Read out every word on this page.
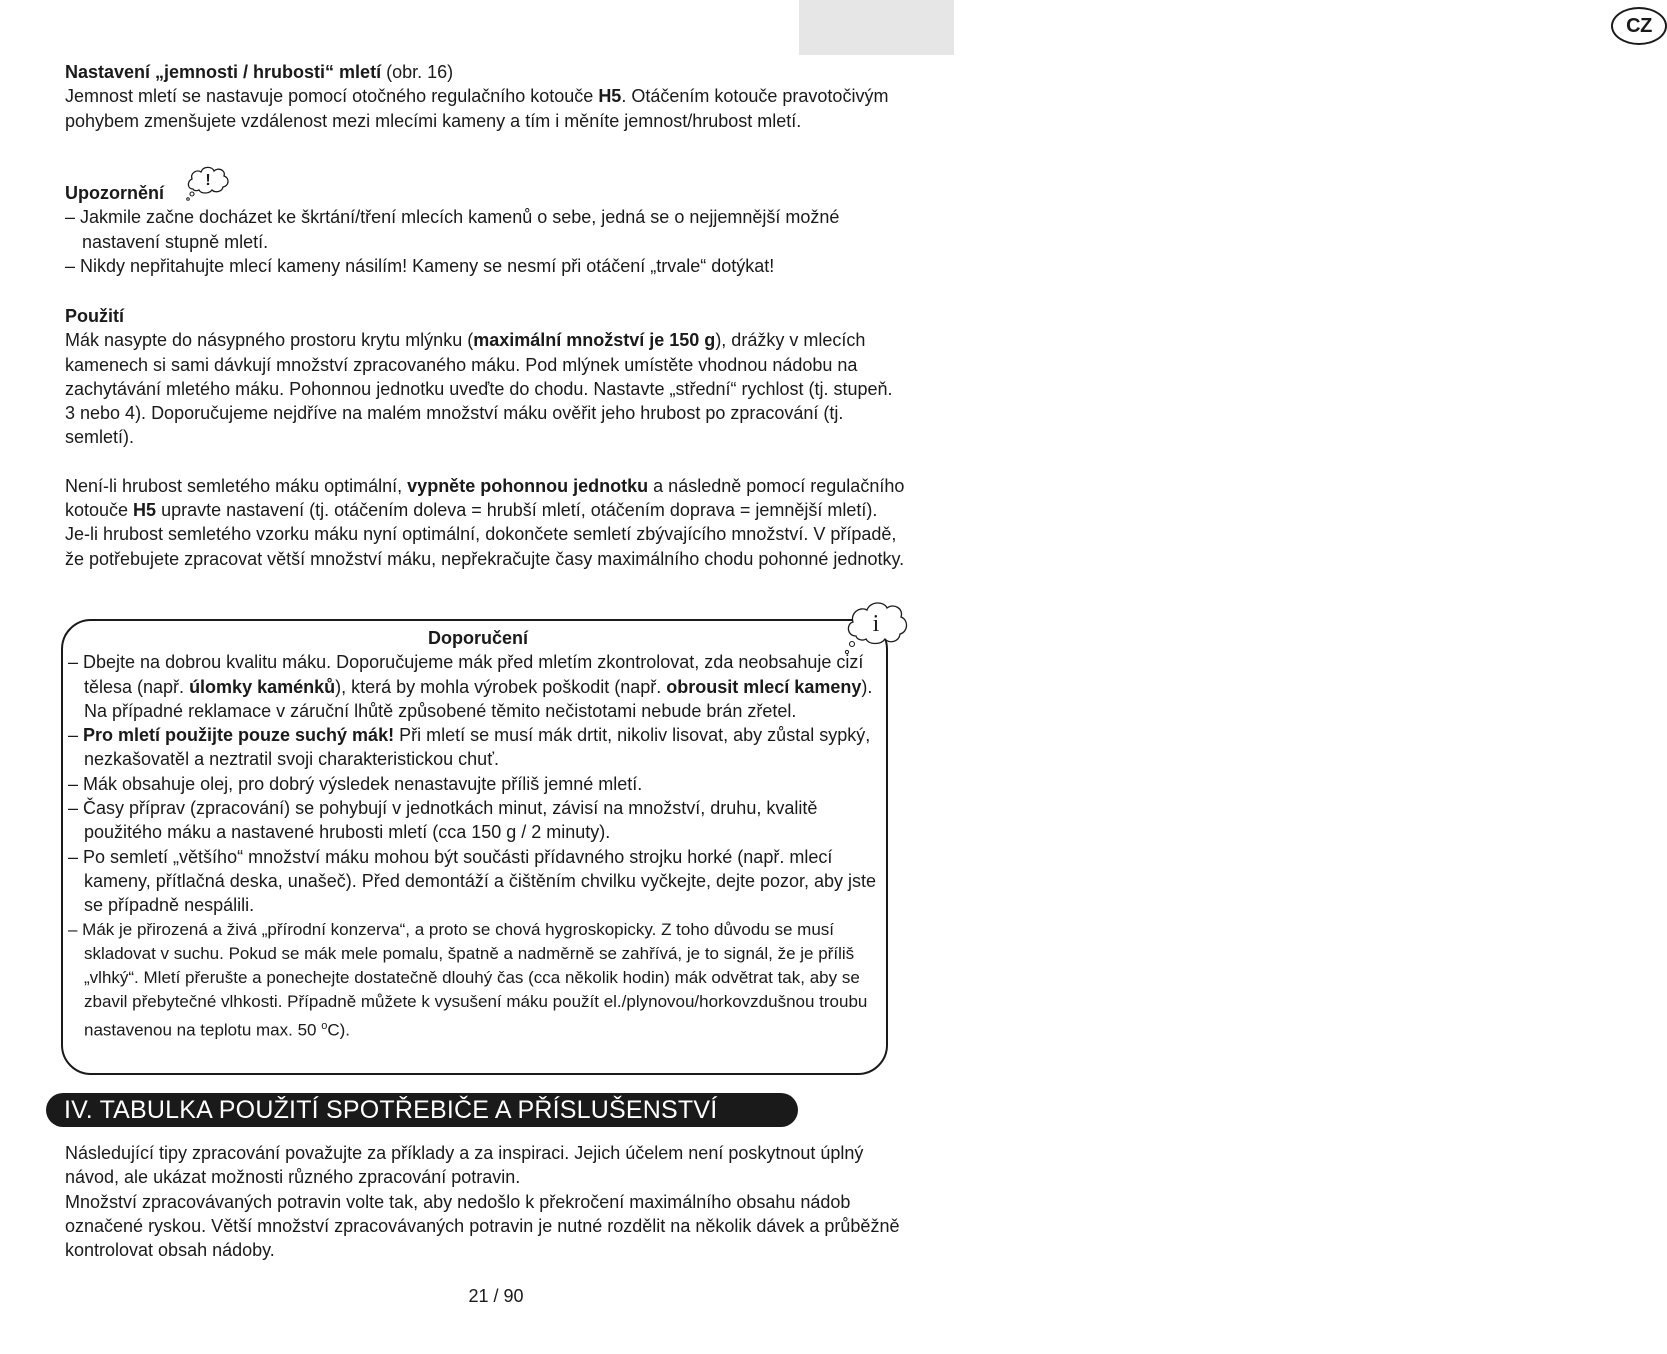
CZ

Nastavení „jemnosti / hrubosti“ mletí (obr. 16)

Jemnost mletí se nastavuje pomocí otočného regulačního kotouče H5. Otáčením kotouče pravotočivým pohybem zmenšujete vzdálenost mezi mlecími kameny a tím i měníte jemnost/hrubost mletí.

Upozornění

– Jakmile začne docházet ke škrtání/tření mlecích kamenů o sebe, jedná se o nejjemnější možné nastavení stupně mletí.

– Nikdy nepřitahujte mlecí kameny násilím! Kameny se nesmí při otáčení „trvale“ dotýkat!

!

Použití

Mák nasypte do násypného prostoru krytu mlýnku (maximální množství je 150 g), drážky v mlecích kamenech si sami dávkují množství zpracovaného máku. Pod mlýnek umístěte vhodnou nádobu na zachytávání mletého máku. Pohonnou jednotku uveďte do chodu. Nastavte „střední“ rychlost (tj. stupeň. 3 nebo 4). Doporučujeme nejdříve na malém množství máku ověřit jeho hrubost po zpracování (tj. semletí).

Není-li hrubost semletého máku optimální, vypněte pohonnou jednotku a následně pomocí regulačního kotouče H5 upravte nastavení (tj. otáčením doleva = hrubší mletí, otáčením doprava = jemnější mletí). Je-li hrubost semletého vzorku máku nyní optimální, dokončete semletí zbývajícího množství. V případě, že potřebujete zpracovat větší množství máku, nepřekračujte časy maximálního chodu pohonné jednotky.

i

Doporučení

– Dbejte na dobrou kvalitu máku. Doporučujeme mák před mletím zkontrolovat, zda neobsahuje cizí tělesa (např. úlomky kaménků), která by mohla výrobek poškodit (např. obrousit mlecí kameny). Na případné reklamace v záruční lhůtě způsobené těmito nečistotami nebude brán zřetel.

– Pro mletí použijte pouze suchý mák! Při mletí se musí mák drtit, nikoliv lisovat, aby zůstal sypký, nezkašovatěl a neztratil svoji charakteristickou chuť.

– Mák obsahuje olej, pro dobrý výsledek nenastavujte příliš jemné mletí.

– Časy příprav (zpracování) se pohybují v jednotkách minut, závisí na množství, druhu, kvalitě použitého máku a nastavené hrubosti mletí (cca 150 g / 2 minuty).

– Po semletí „většího“ množství máku mohou být součásti přídavného strojku horké (např. mlecí kameny, přítlačná deska, unašeč). Před demontáží a čištěním chvilku vyčkejte, dejte pozor, aby jste se případně nespálili.

– Mák je přirozená a živá „přírodní konzerva“, a proto se chová hygroskopicky. Z toho důvodu se musí skladovat v suchu. Pokud se mák mele pomalu, špatně a nadměrně se zahřívá, je to signál, že je příliš „vlhký“. Mletí přerušte a ponechejte dostatečně dlouhý čas (cca několik hodin) mák odvětrat tak, aby se zbavil přebytečné vlhkosti. Případně můžete k vysušení máku použít el./plynovou/horkovzdušnou troubu nastavenou na teplotu max. 50 $^o$C).

IV. TABULKA POUŽITÍ SPOTŘEBIČE A PŘÍSLUŠENSTVÍ

Následující tipy zpracování považujte za příklady a za inspiraci. Jejich účelem není poskytnout úplný návod, ale ukázat možnosti různého zpracování potravin.

Množství zpracovávaných potravin volte tak, aby nedošlo k překročení maximálního obsahu nádob označené ryskou. Větší množství zpracovávaných potravin je nutné rozdělit na několik dávek a průběžně kontrolovat obsah nádoby.

21 / 90
